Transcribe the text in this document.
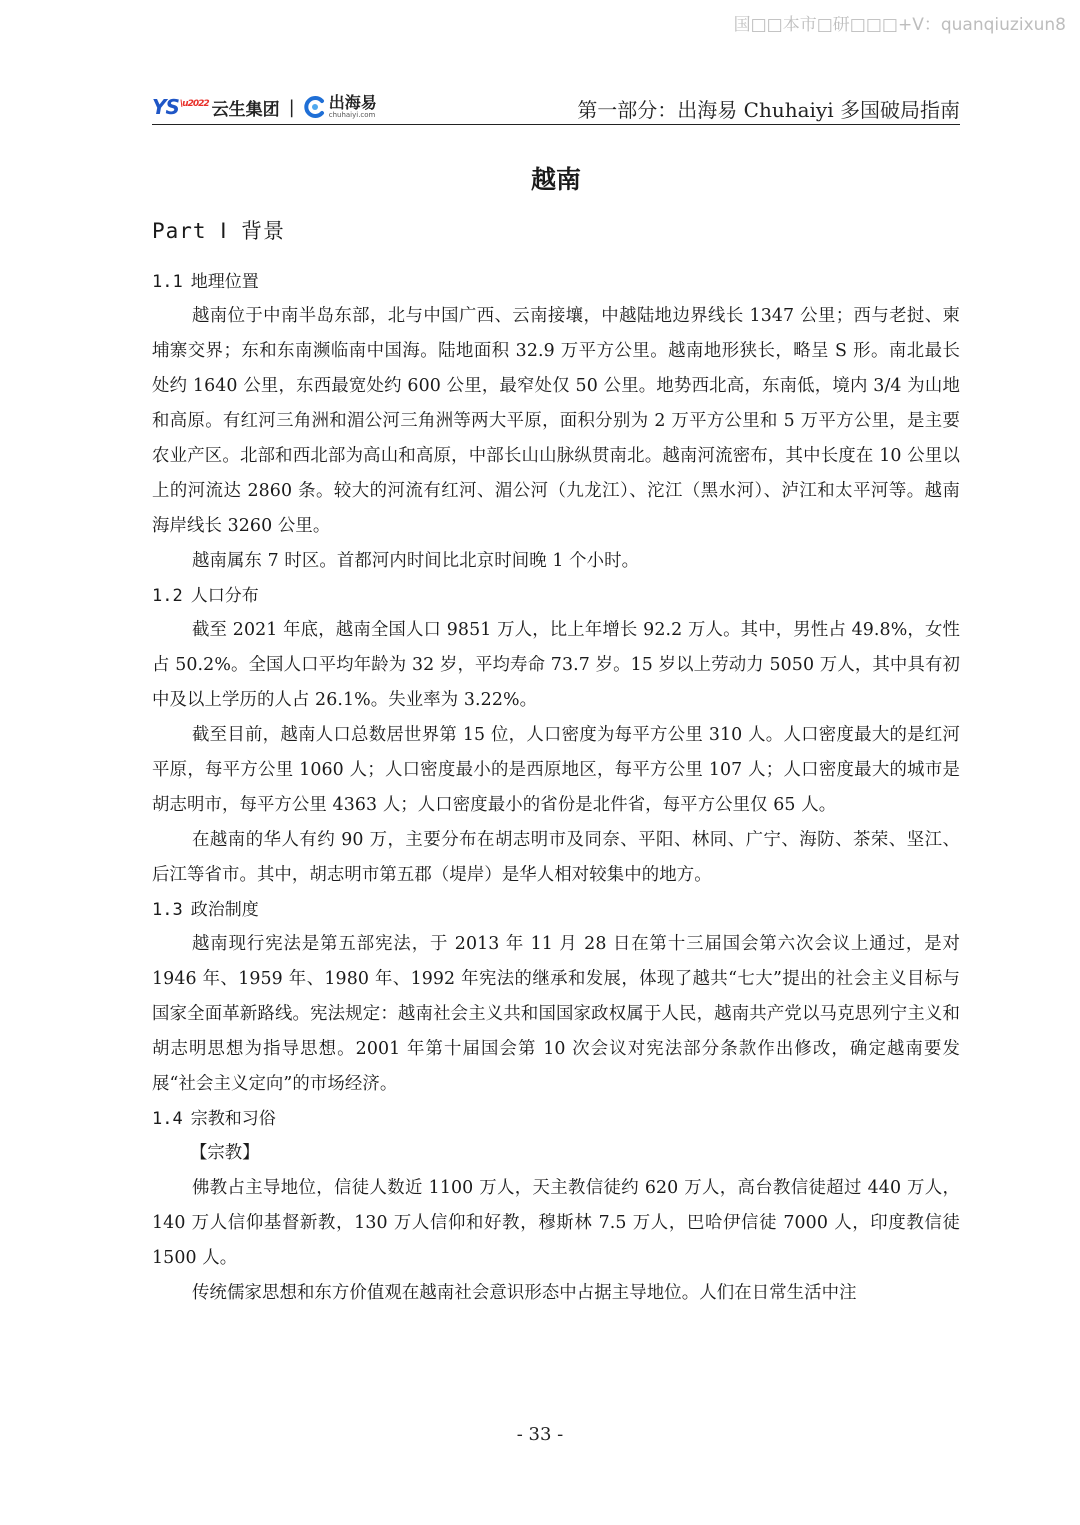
国□□本市□研□□□+V：quanqiuzixun8
$YS^{\backslash u2022}$ 云生集团 | 出海易
chuhaiyi.com	第一部分：出海易 Chuhaiyi 多国破局指南
越南
Part Ⅰ 背景
1.1 地理位置

越南位于中南半岛东部，北与中国广西、云南接壤，中越陆地边界线长 1347 公里；西与老挝、柬埔寨交界；东和东南濒临南中国海。陆地面积 32.9 万平方公里。越南地形狭长，略呈 S 形。南北最长处约 1640 公里，东西最宽处约 600 公里，最窄处仅 50 公里。地势西北高，东南低，境内 3/4 为山地和高原。有红河三角洲和湄公河三角洲等两大平原，面积分别为 2 万平方公里和 5 万平方公里，是主要农业产区。北部和西北部为高山和高原，中部长山山脉纵贯南北。越南河流密布，其中长度在 10 公里以上的河流达 2860 条。较大的河流有红河、湄公河（九龙江）、沱江（黑水河）、泸江和太平河等。越南海岸线长 3260 公里。

越南属东 7 时区。首都河内时间比北京时间晚 1 个小时。

1.2 人口分布

截至 2021 年底，越南全国人口 9851 万人，比上年增长 92.2 万人。其中，男性占 49.8%，女性占 50.2%。全国人口平均年龄为 32 岁，平均寿命 73.7 岁。15 岁以上劳动力 5050 万人，其中具有初中及以上学历的人占 26.1%。失业率为 3.22%。

截至目前，越南人口总数居世界第 15 位，人口密度为每平方公里 310 人。人口密度最大的是红河平原，每平方公里 1060 人；人口密度最小的是西原地区，每平方公里 107 人；人口密度最大的城市是胡志明市，每平方公里 4363 人；人口密度最小的省份是北件省，每平方公里仅 65 人。

在越南的华人有约 90 万，主要分布在胡志明市及同奈、平阳、林同、广宁、海防、茶荣、坚江、后江等省市。其中，胡志明市第五郡（堤岸）是华人相对较集中的地方。

1.3 政治制度

越南现行宪法是第五部宪法，于 2013 年 11 月 28 日在第十三届国会第六次会议上通过，是对 1946 年、1959 年、1980 年、1992 年宪法的继承和发展，体现了越共“七大”提出的社会主义目标与国家全面革新路线。宪法规定：越南社会主义共和国国家政权属于人民，越南共产党以马克思列宁主义和胡志明思想为指导思想。2001 年第十届国会第 10 次会议对宪法部分条款作出修改，确定越南要发展“社会主义定向”的市场经济。

1.4 宗教和习俗
【宗教】

佛教占主导地位，信徒人数近 1100 万人，天主教信徒约 620 万人，高台教信徒超过 440 万人，140 万人信仰基督新教，130 万人信仰和好教，穆斯林 7.5 万人，巴哈伊信徒 7000 人，印度教信徒 1500 人。

传统儒家思想和东方价值观在越南社会意识形态中占据主导地位。人们在日常生活中注

- 33 -
